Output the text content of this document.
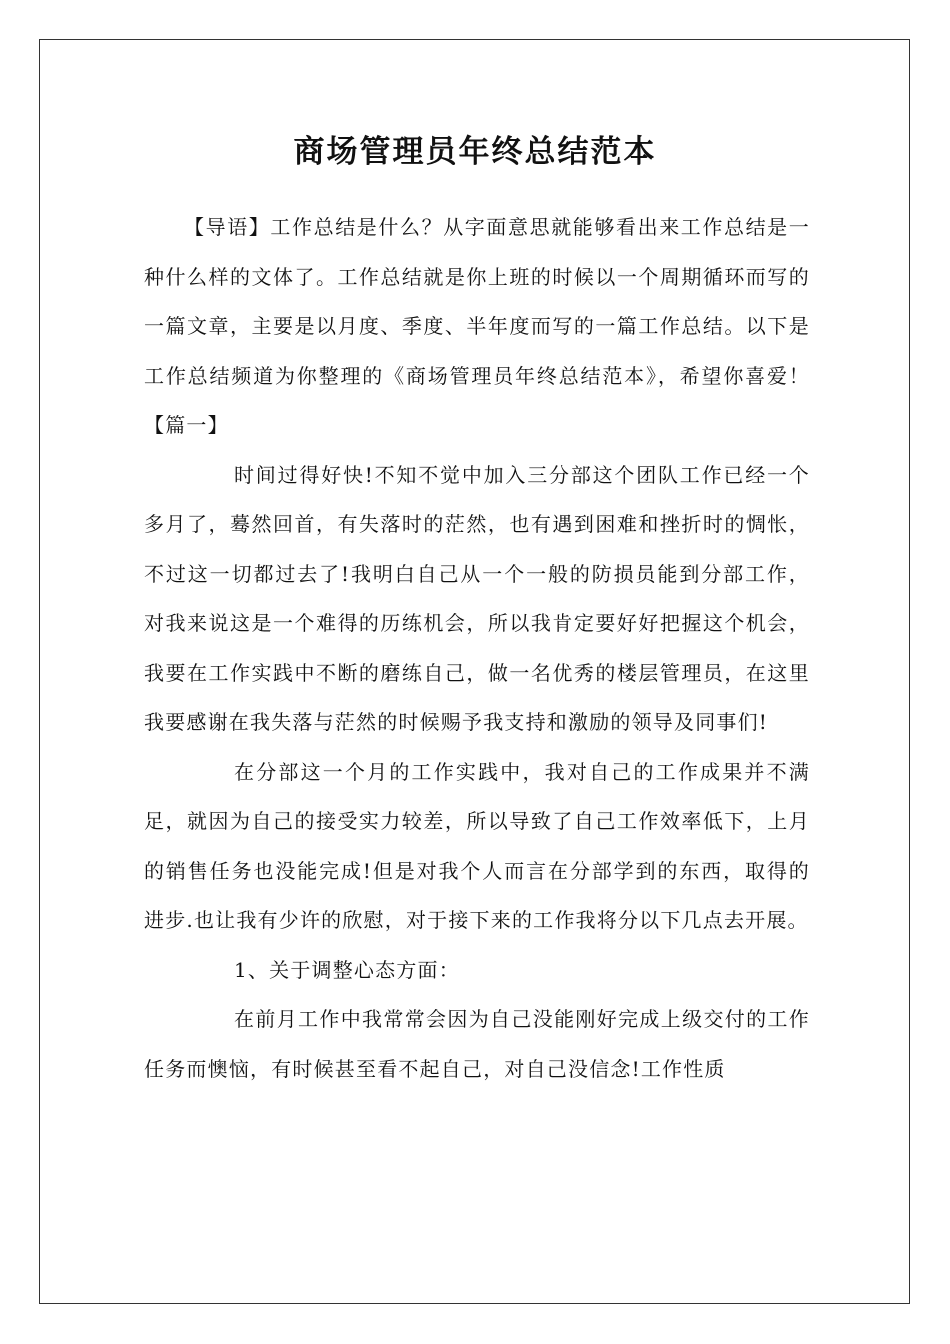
商场管理员年终总结范本

【导语】工作总结是什么？从字面意思就能够看出来工作总结是一种什么样的文体了。工作总结就是你上班的时候以一个周期循环而写的一篇文章，主要是以月度、季度、半年度而写的一篇工作总结。以下是工作总结频道为你整理的《商场管理员年终总结范本》，希望你喜爱！【篇一】

时间过得好快!不知不觉中加入三分部这个团队工作已经一个多月了，蓦然回首，有失落时的茫然，也有遇到困难和挫折时的惆怅，不过这一切都过去了!我明白自己从一个一般的防损员能到分部工作，对我来说这是一个难得的历练机会，所以我肯定要好好把握这个机会，我要在工作实践中不断的磨练自己，做一名优秀的楼层管理员，在这里我要感谢在我失落与茫然的时候赐予我支持和激励的领导及同事们!

在分部这一个月的工作实践中，我对自己的工作成果并不满足，就因为自己的接受实力较差，所以导致了自己工作效率低下，上月的销售任务也没能完成!但是对我个人而言在分部学到的东西，取得的进步.也让我有少许的欣慰，对于接下来的工作我将分以下几点去开展。

1、关于调整心态方面：

在前月工作中我常常会因为自己没能刚好完成上级交付的工作任务而懊恼，有时候甚至看不起自己，对自己没信念!工作性质
